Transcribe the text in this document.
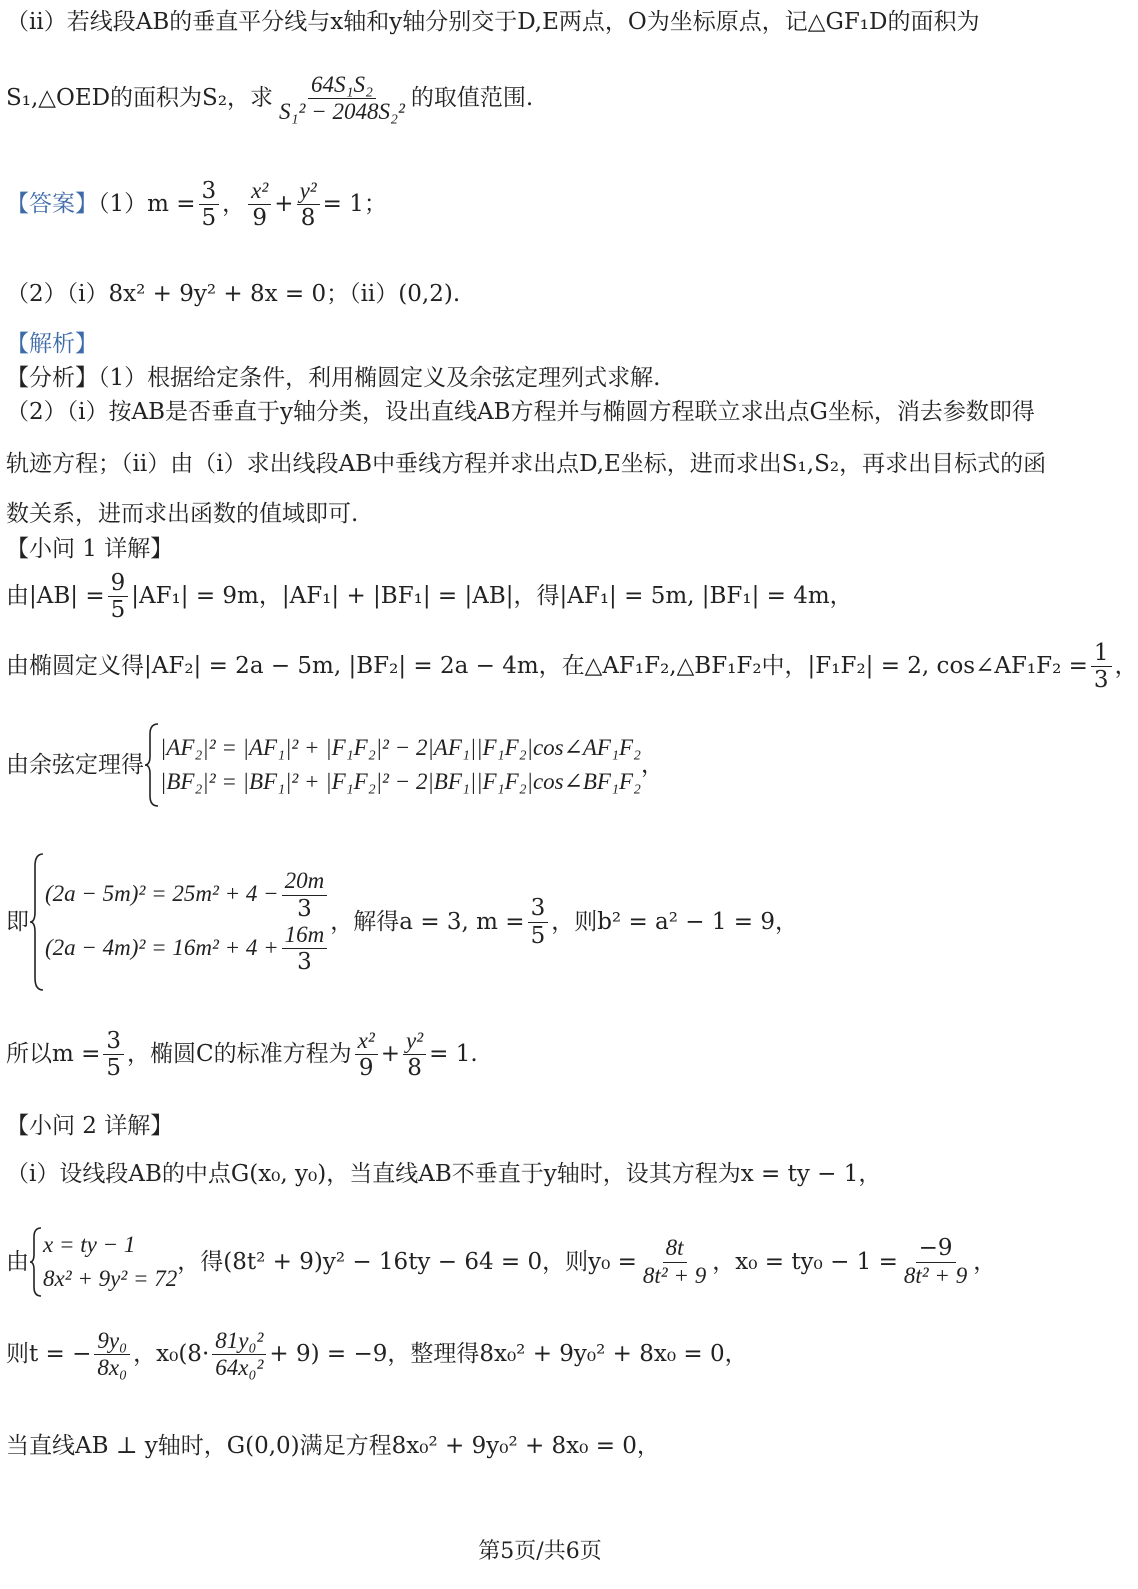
（ii）若线段AB的垂直平分线与x轴和y轴分别交于D,E两点，O为坐标原点，记△GF₁D的面积为
S₁,△OED的面积为S₂，求 $\frac{\text{64S₁S₂}}{\text{S₁² − 2048S₂²}}$ 的取值范围.
【答案】$(1)m = \frac{3}{5}$ ， $\frac{\text{x²}}{9} + \frac{\text{y²}}{8} = 1$；
（2）（i）8x² + 9y² + 8x = 0；（ii）(0,2).
【解析】
【分析】（1）根据给定条件，利用椭圆定义及余弦定理列式求解.
（2）（i）按AB是否垂直于y轴分类，设出直线AB方程并与椭圆方程联立求出点G坐标，消去参数即得
轨迹方程；（ii）由（i）求出线段AB中垂线方程并求出点D,E坐标，进而求出S₁,S₂，再求出目标式的函
数关系，进而求出函数的值域即可.
【小问 1 详解】
由$|AB| = \frac{9}{5} |AF_1| = 9m$，|AF₁| + |BF₁| = |AB|，得|AF₁| = 5m, |BF₁| = 4m，
由椭圆定义得|AF₂| = 2a − 5m, |BF₂| = 2a − 4m，在△AF₁F₂,△BF₁F₂中，|F₁F₂| = 2, cos∠AF₁F₂ = $\frac{1}{3}$ ，
由余弦定理得
|AF₂|² = |AF₁|² + |F₁F₂|² − 2|AF₁||F₁F₂|cos∠AF₁F₂
|BF₂|² = |BF₁|² + |F₁F₂|² − 2|BF₁||F₁F₂|cos∠BF₁F₂
，
即
$(2a - 5m)^2 = 25m^2 + 4 - \frac{20m}{3}$
$(2a - 4m)^2 = 16m^2 + 4 + \frac{16m}{3}$
，解得a = 3, $m = \frac{3}{5}$ ，则b² = a² − 1 = 9，
所以$m = \frac{3}{5}$ ，椭圆C的标准方程为 $\frac{\text{x²}}{9} + \frac{\text{y²}}{8} = 1$.
【小问 2 详解】
（i）设线段AB的中点G(x₀, y₀)，当直线AB不垂直于y轴时，设其方程为x = ty − 1，
由
x = ty − 1
8x² + 9y² = 72
，得(8t² + 9)y² − 16ty − 64 = 0，则$y_0 = \frac{8t}{\text{8t² + 9}}$ ，$x_0 = ty_0 - 1 = \frac{-9}{\text{8t² + 9}}$ ，
则t = − $\frac{\text{9y₀}}{\text{8x₀}}$ ，$x_0(8\cdot \frac{\text{81y₀²}}{\text{64x₀²}} + 9) = -9$，整理得8x₀² + 9y₀² + 8x₀ = 0，
当直线AB ⊥ y轴时，G(0,0)满足方程8x₀² + 9y₀² + 8x₀ = 0，
第5页/共6页
